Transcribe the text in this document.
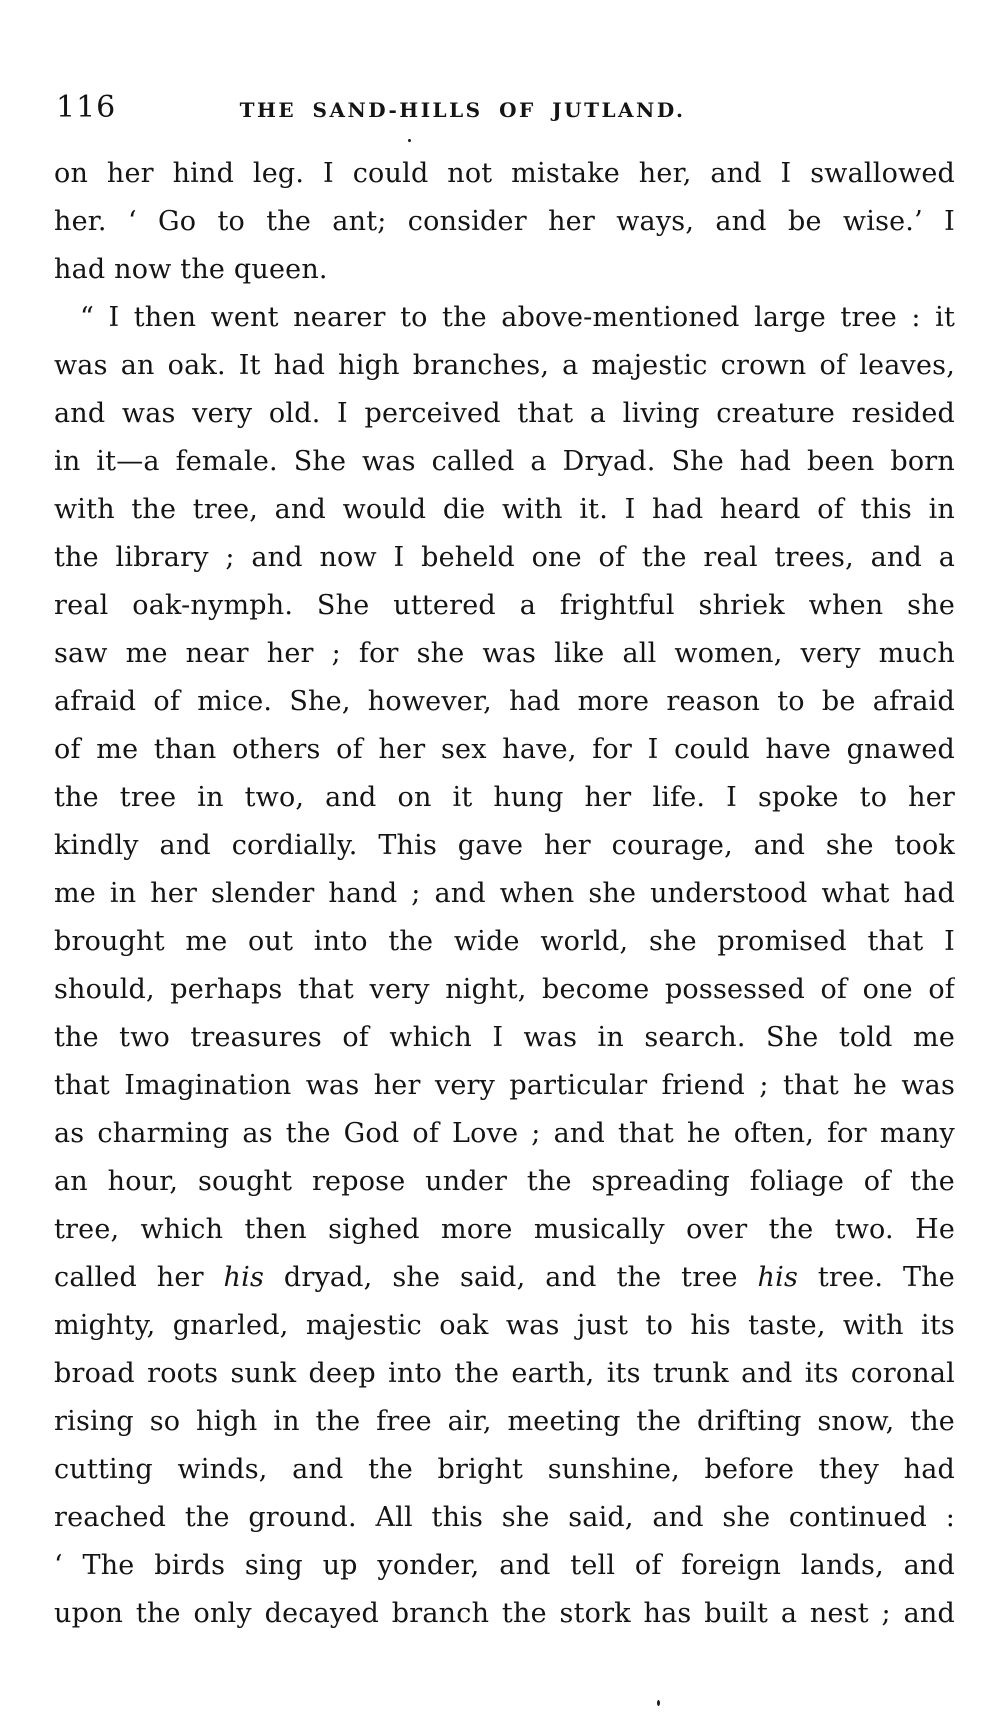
116	THE SAND-HILLS OF JUTLAND.
on her hind leg. I could not mistake her, and I swallowed
her. ‘ Go to the ant; consider her ways, and be wise.’ I
had now the queen.
“ I then went nearer to the above-mentioned large tree : it
was an oak. It had high branches, a majestic crown of leaves,
and was very old. I perceived that a living creature resided
in it—a female. She was called a Dryad. She had been born
with the tree, and would die with it. I had heard of this in
the library ; and now I beheld one of the real trees, and a
real oak-nymph. She uttered a frightful shriek when she
saw me near her ; for she was like all women, very much
afraid of mice. She, however, had more reason to be afraid
of me than others of her sex have, for I could have gnawed
the tree in two, and on it hung her life. I spoke to her
kindly and cordially. This gave her courage, and she took
me in her slender hand ; and when she understood what had
brought me out into the wide world, she promised that I
should, perhaps that very night, become possessed of one of
the two treasures of which I was in search. She told me
that Imagination was her very particular friend ; that he was
as charming as the God of Love ; and that he often, for many
an hour, sought repose under the spreading foliage of the
tree, which then sighed more musically over the two. He
called her his dryad, she said, and the tree his tree. The
mighty, gnarled, majestic oak was just to his taste, with its
broad roots sunk deep into the earth, its trunk and its coronal
rising so high in the free air, meeting the drifting snow, the
cutting winds, and the bright sunshine, before they had
reached the ground. All this she said, and she continued :
‘ The birds sing up yonder, and tell of foreign lands, and
upon the only decayed branch the stork has built a nest ; and
